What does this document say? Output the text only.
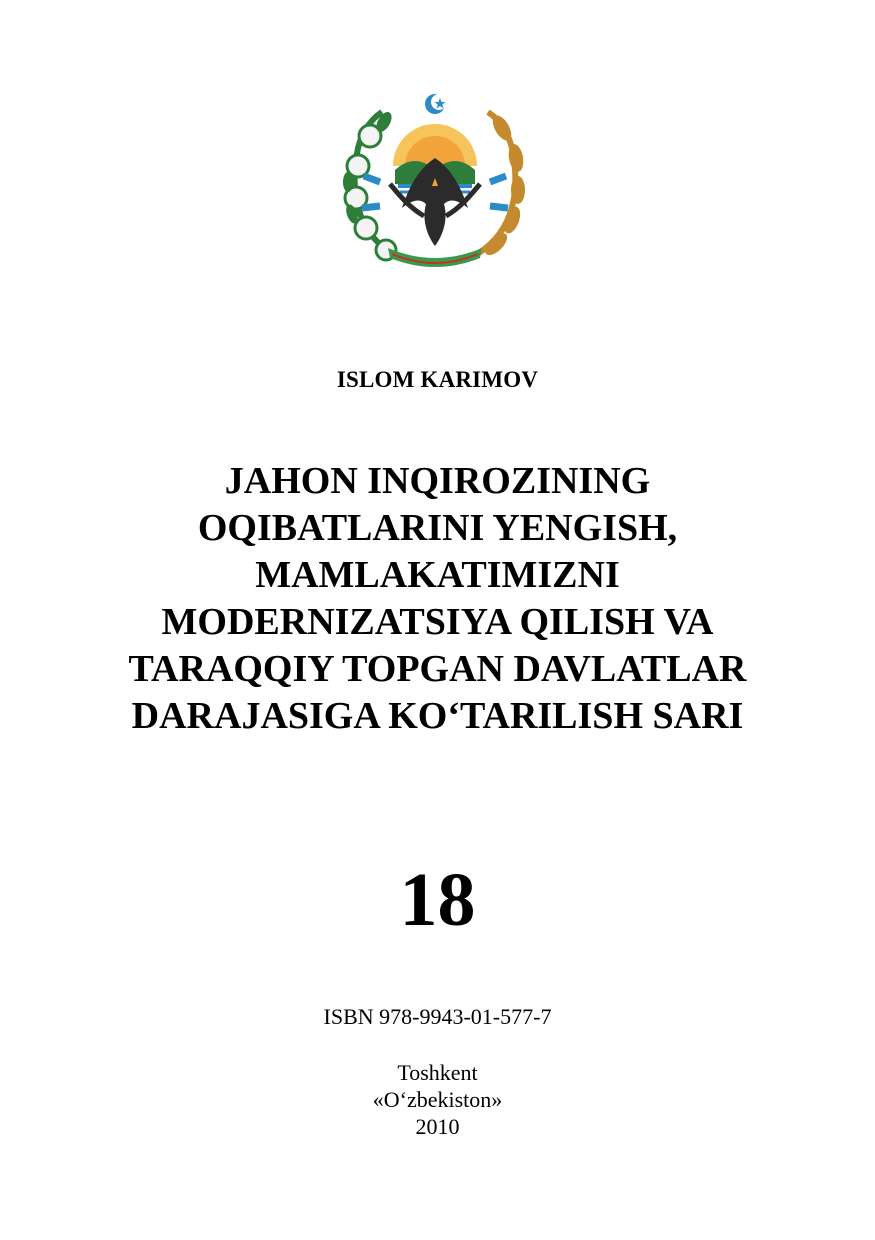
ISLOM KARIMOV
JAHON INQIROZINING
OQIBATLARINI YENGISH,
MAMLAKATIMIZNI
MODERNIZATSIYA QILISH VA
TARAQQIY TOPGAN DAVLATLAR
DARAJASIGA KO‘TARILISH SARI
18
ISBN 978-9943-01-577-7
Toshkent
«O‘zbekiston»
2010
